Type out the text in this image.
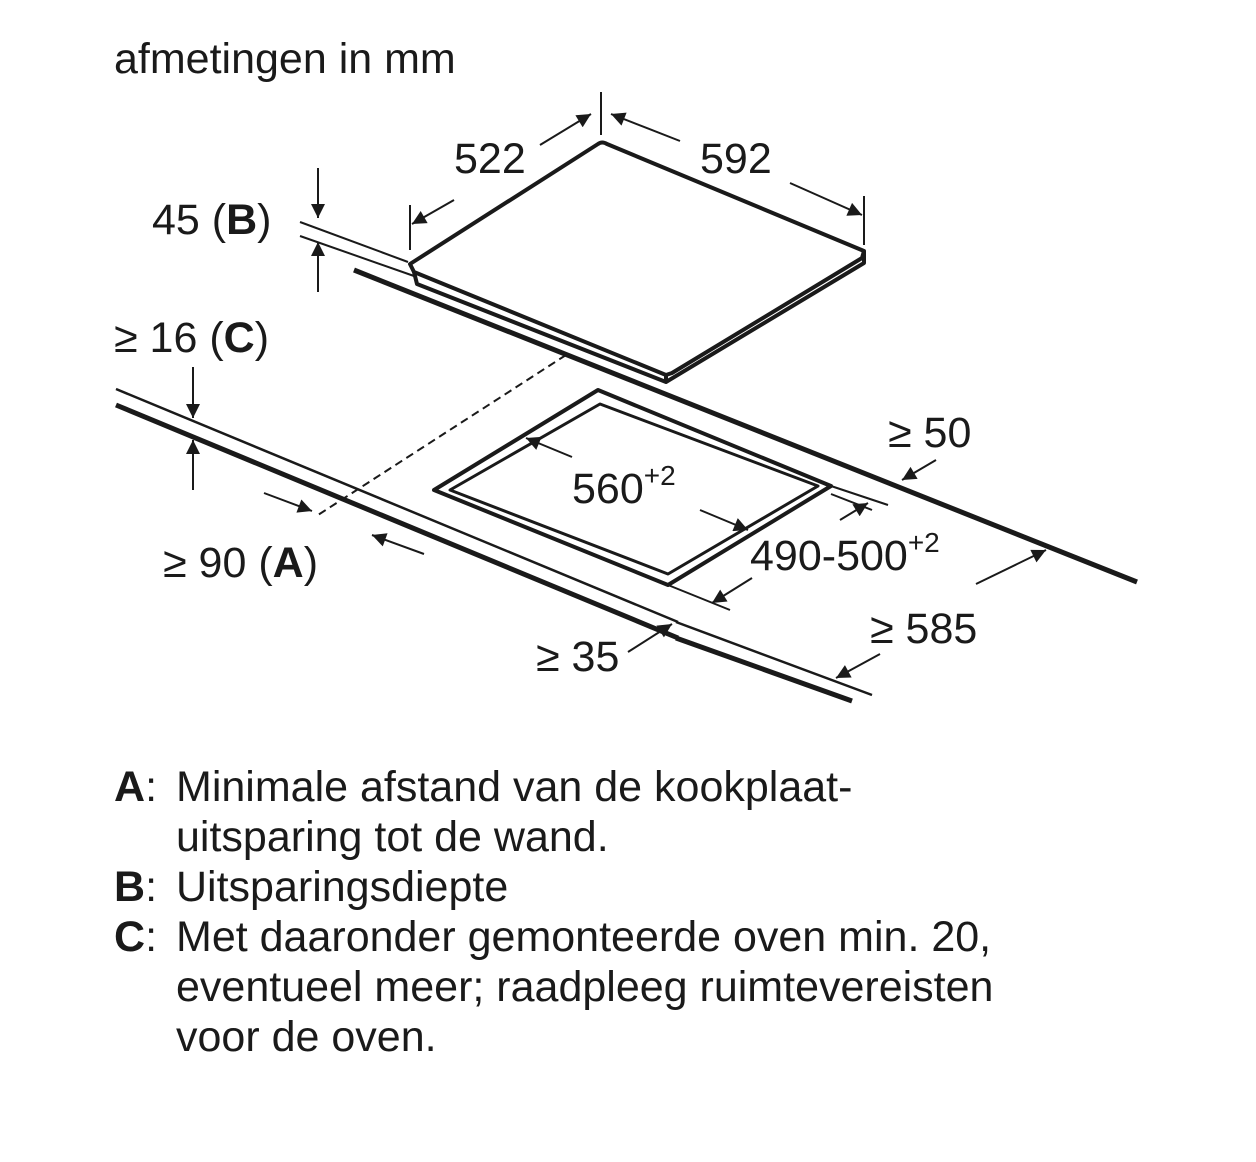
afmetingen in mm
522	592
45 (B)
≥ 16 (C)
≥ 50
$560^{+2}$
$490-500^{+2}$
≥ 90 (A)
≥ 35
≥ 585
A: Minimale afstand van de kookplaat-
uitsparing tot de wand.
B: Uitsparingsdiepte
C: Met daaronder gemonteerde oven min. 20,
eventueel meer; raadpleeg ruimtevereisten
voor de oven.
